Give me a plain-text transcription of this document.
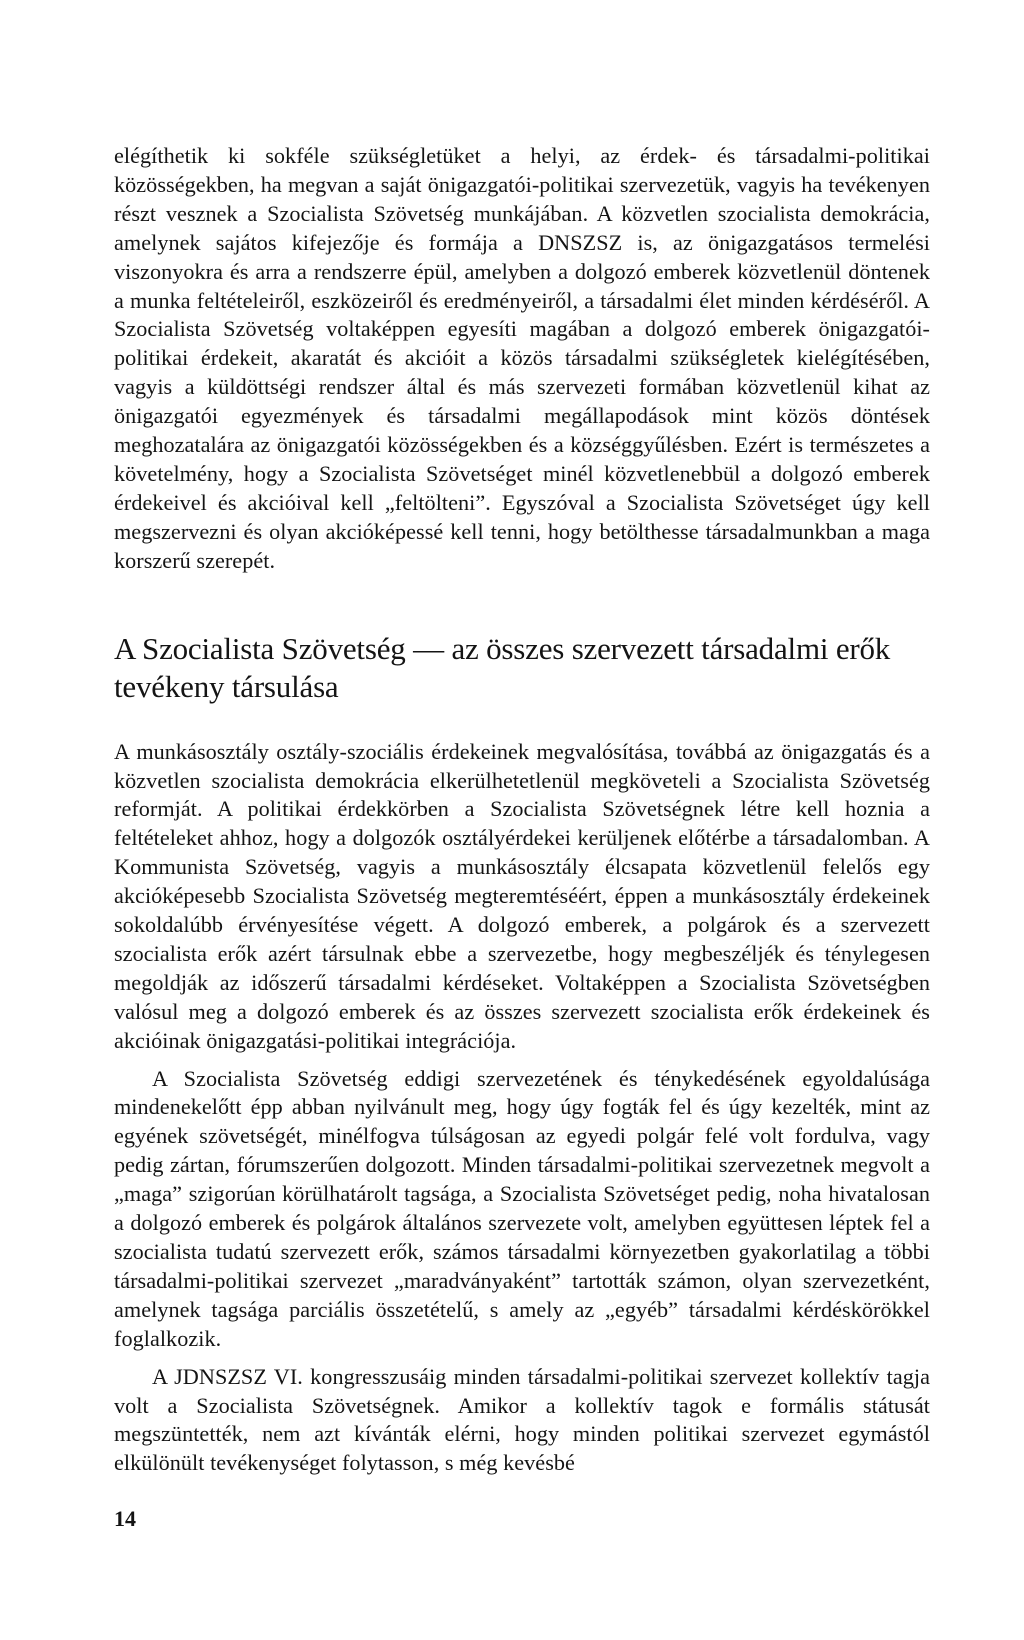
elégíthetik ki sokféle szükségletüket a helyi, az érdek- és társadalmi-politikai közösségekben, ha megvan a saját önigazgatói-politikai szervezetük, vagyis ha tevékenyen részt vesznek a Szocialista Szövetség munkájában. A közvetlen szocialista demokrácia, amelynek sajátos kifejezője és formája a DNSZSZ is, az önigazgatásos termelési viszonyokra és arra a rendszerre épül, amelyben a dolgozó emberek közvetlenül döntenek a munka feltételeiről, eszközeiről és eredményeiről, a társadalmi élet minden kérdéséről. A Szocialista Szövetség voltaképpen egyesíti magában a dolgozó emberek önigazgatói-politikai érdekeit, akaratát és akcióit a közös társadalmi szükségletek kielégítésében, vagyis a küldöttségi rendszer által és más szervezeti formában közvetlenül kihat az önigazgatói egyezmények és társadalmi megállapodások mint közös döntések meghozatalára az önigazgatói közösségekben és a községgyűlésben. Ezért is természetes a követelmény, hogy a Szocialista Szövetséget minél közvetlenebbül a dolgozó emberek érdekeivel és akcióival kell „feltölteni”. Egyszóval a Szocialista Szövetséget úgy kell megszervezni és olyan akcióképessé kell tenni, hogy betölthesse társadalmunkban a maga korszerű szerepét.

A Szocialista Szövetség — az összes szervezett társadalmi erők tevékeny társulása

A munkásosztály osztály-szociális érdekeinek megvalósítása, továbbá az önigazgatás és a közvetlen szocialista demokrácia elkerülhetetlenül megköveteli a Szocialista Szövetség reformját. A politikai érdekkörben a Szocialista Szövetségnek létre kell hoznia a feltételeket ahhoz, hogy a dolgozók osztályérdekei kerüljenek előtérbe a társadalomban. A Kommunista Szövetség, vagyis a munkásosztály élcsapata közvetlenül felelős egy akcióképesebb Szocialista Szövetség megteremtéséért, éppen a munkásosztály érdekeinek sokoldalúbb érvényesítése végett. A dolgozó emberek, a polgárok és a szervezett szocialista erők azért társulnak ebbe a szervezetbe, hogy megbeszéljék és ténylegesen megoldják az időszerű társadalmi kérdéseket. Voltaképpen a Szocialista Szövetségben valósul meg a dolgozó emberek és az összes szervezett szocialista erők érdekeinek és akcióinak önigazgatási-politikai integrációja.

A Szocialista Szövetség eddigi szervezetének és ténykedésének egyoldalúsága mindenekelőtt épp abban nyilvánult meg, hogy úgy fogták fel és úgy kezelték, mint az egyének szövetségét, minélfogva túlságosan az egyedi polgár felé volt fordulva, vagy pedig zártan, fórumszerűen dolgozott. Minden társadalmi-politikai szervezetnek megvolt a „maga” szigorúan körülhatárolt tagsága, a Szocialista Szövetséget pedig, noha hivatalosan a dolgozó emberek és polgárok általános szervezete volt, amelyben együttesen léptek fel a szocialista tudatú szervezett erők, számos társadalmi környezetben gyakorlatilag a többi társadalmi-politikai szervezet „maradványaként” tartották számon, olyan szervezetként, amelynek tagsága parciális összetételű, s amely az „egyéb” társadalmi kérdéskörökkel foglalkozik.

A JDNSZSZ VI. kongresszusáig minden társadalmi-politikai szervezet kollektív tagja volt a Szocialista Szövetségnek. Amikor a kollektív tagok e formális státusát megszüntették, nem azt kívánták elérni, hogy minden politikai szervezet egymástól elkülönült tevékenységet folytasson, s még kevésbé

14
